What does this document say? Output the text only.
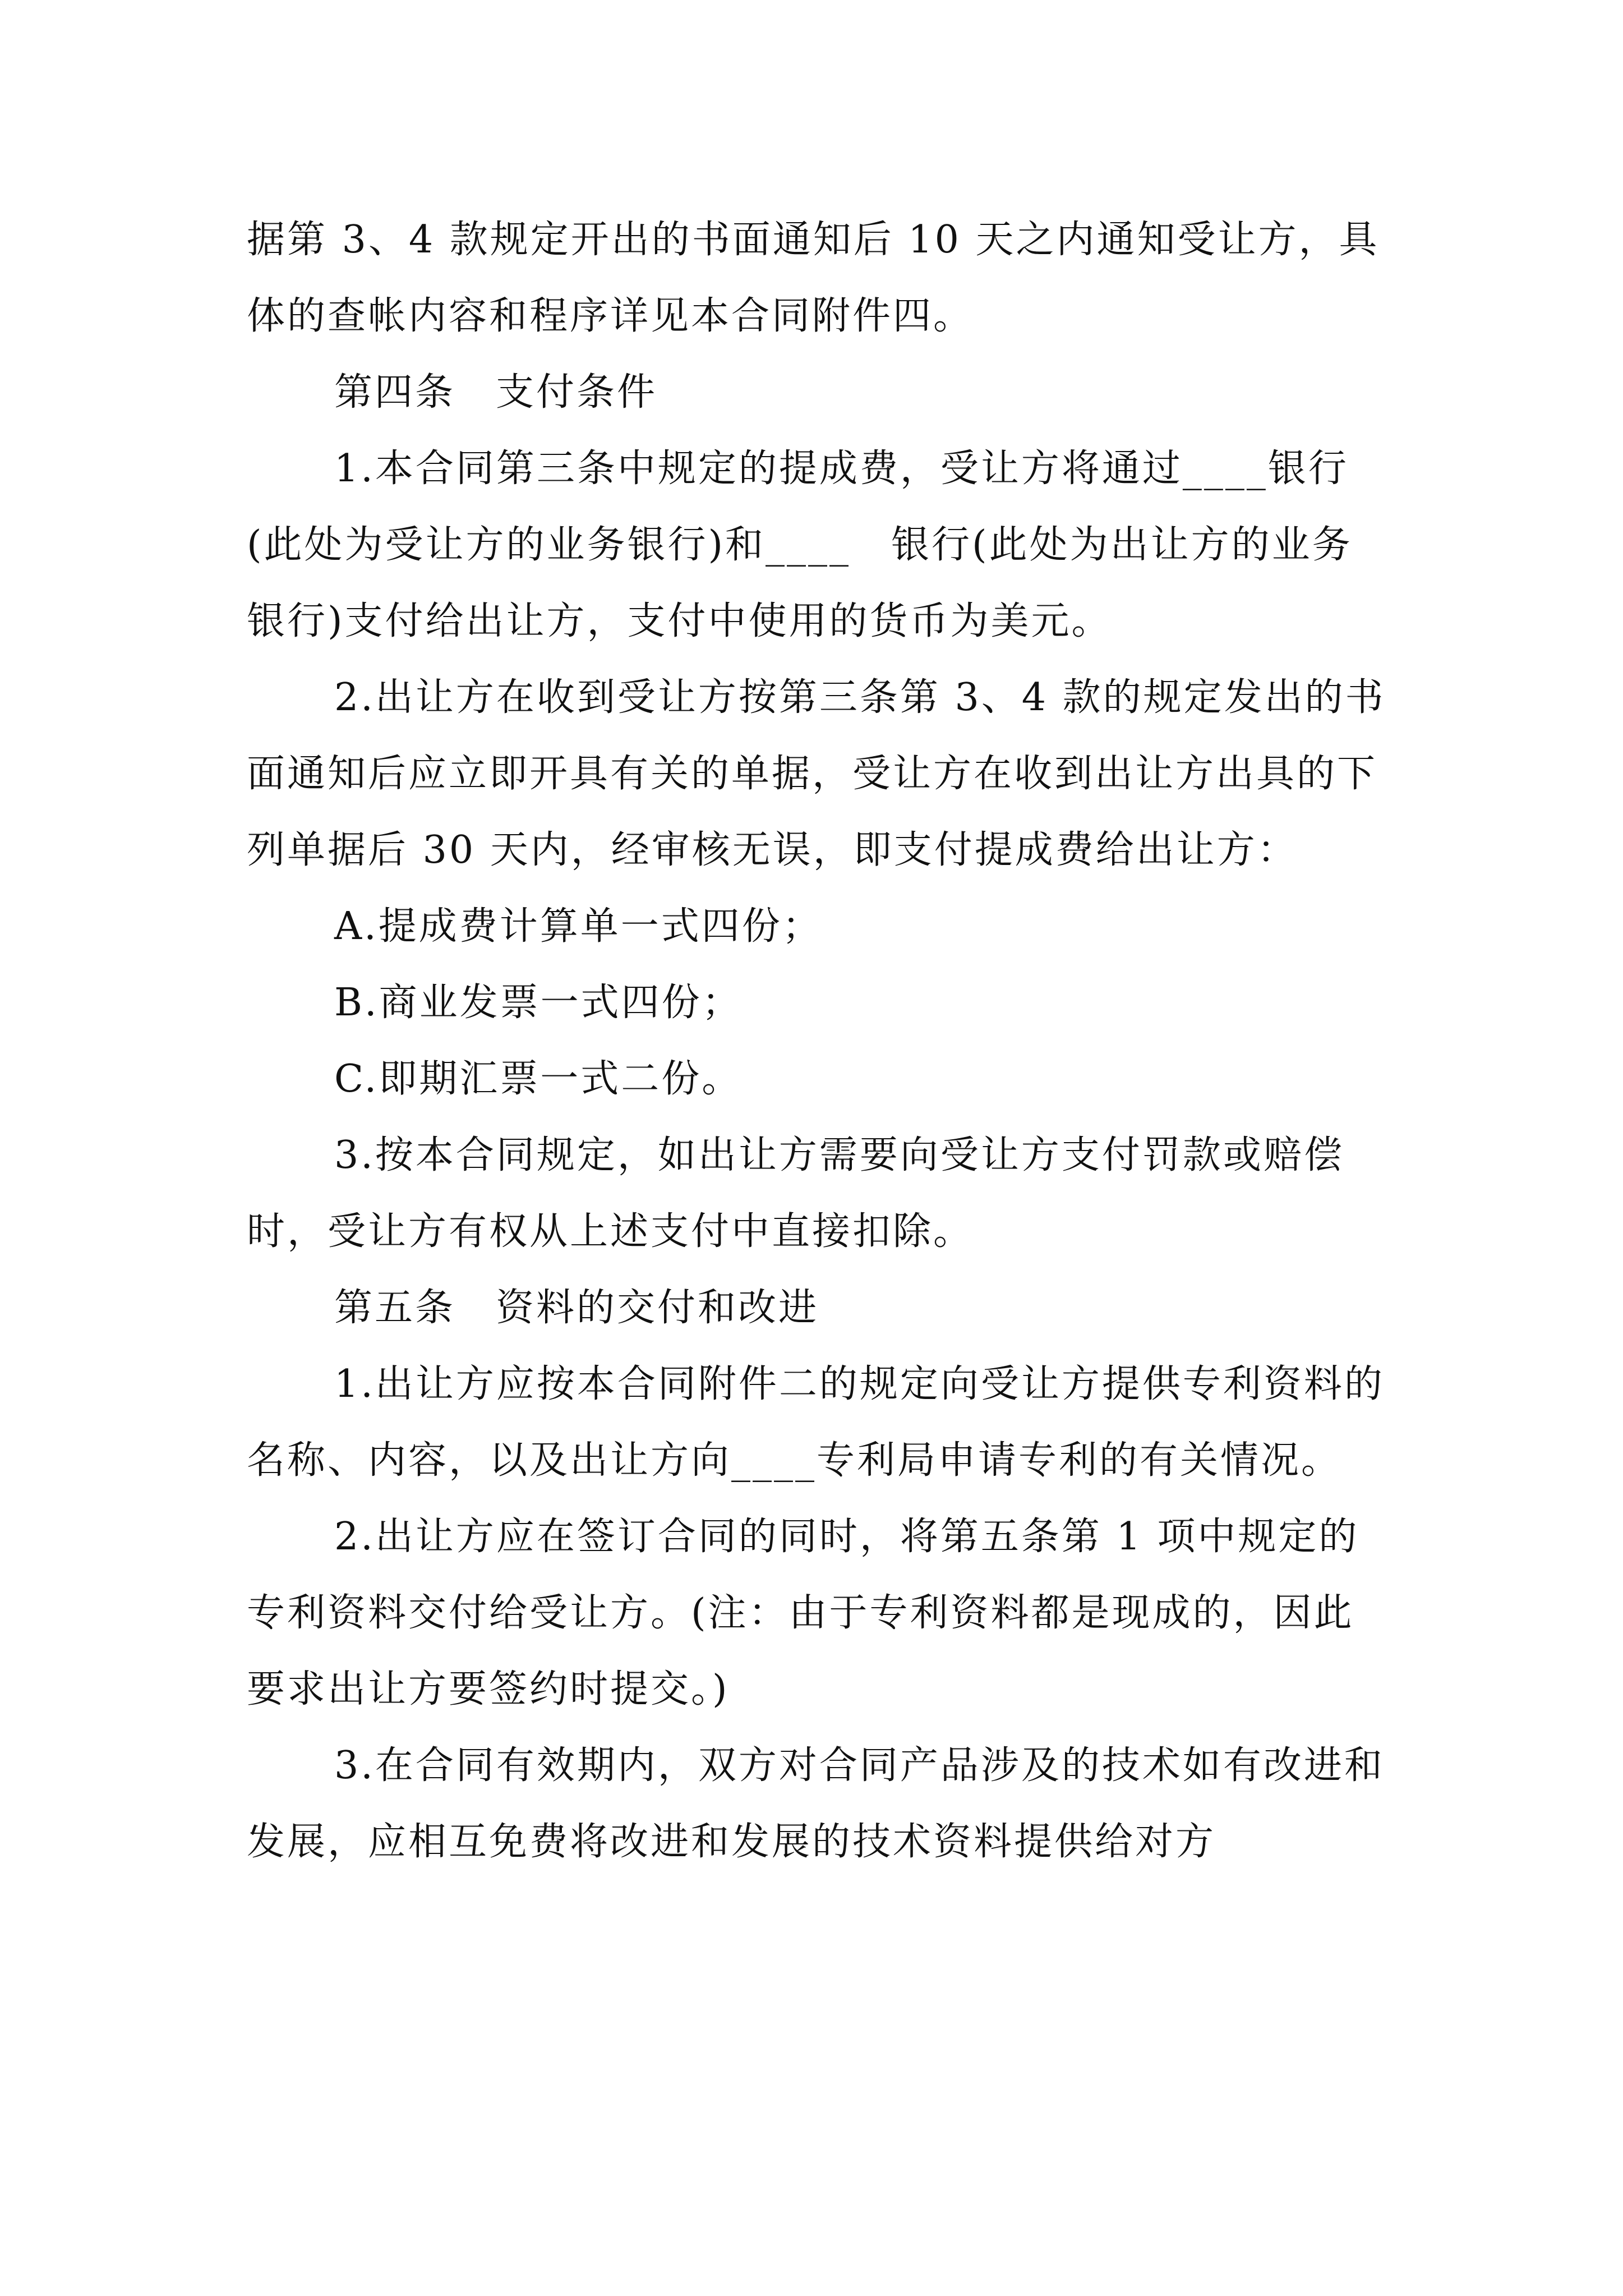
据第 3、4 款规定开出的书面通知后 10 天之内通知受让方，具体的查帐内容和程序详见本合同附件四。

第四条　支付条件

1.本合同第三条中规定的提成费，受让方将通过____银行(此处为受让方的业务银行)和____　银行(此处为出让方的业务银行)支付给出让方，支付中使用的货币为美元。

2.出让方在收到受让方按第三条第 3、4 款的规定发出的书面通知后应立即开具有关的单据，受让方在收到出让方出具的下列单据后 30 天内，经审核无误，即支付提成费给出让方：

A.提成费计算单一式四份；

B.商业发票一式四份；

C.即期汇票一式二份。

3.按本合同规定，如出让方需要向受让方支付罚款或赔偿时，受让方有权从上述支付中直接扣除。

第五条　资料的交付和改进

1.出让方应按本合同附件二的规定向受让方提供专利资料的名称、内容，以及出让方向____专利局申请专利的有关情况。

2.出让方应在签订合同的同时，将第五条第 1 项中规定的专利资料交付给受让方。(注：由于专利资料都是现成的，因此要求出让方要签约时提交。)

3.在合同有效期内，双方对合同产品涉及的技术如有改进和发展，应相互免费将改进和发展的技术资料提供给对方
